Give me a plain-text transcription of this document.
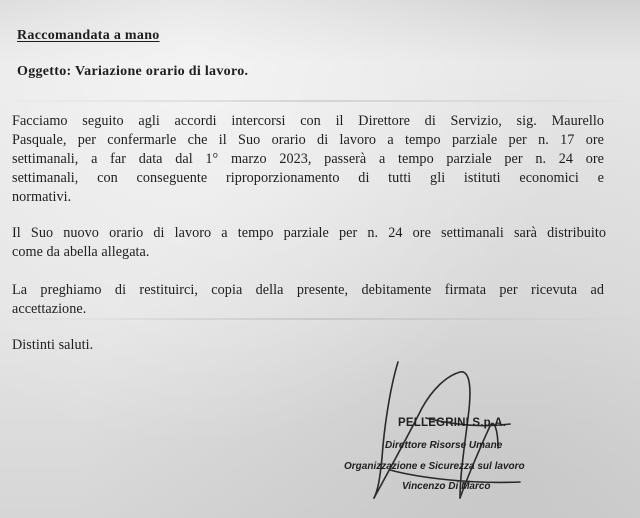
Raccomandata a mano
Oggetto: Variazione orario di lavoro.
Facciamo seguito agli accordi intercorsi con il Direttore di Servizio, sig. Maurello
Pasquale, per confermarle che il Suo orario di lavoro a tempo parziale per n. 17 ore
settimanali, a far data dal 1° marzo 2023, passerà a tempo parziale per n. 24 ore
settimanali, con conseguente riproporzionamento di tutti gli istituti economici e
normativi.
Il Suo nuovo orario di lavoro a tempo parziale per n. 24 ore settimanali sarà distribuito
come da abella allegata.
La preghiamo di restituirci, copia della presente, debitamente firmata per ricevuta ad
accettazione.
Distinti saluti.
PELLEGRINI S.p.A.
Direttore Risorse Umane
Organizzazione e Sicurezza sul lavoro
Vincenzo Di Marco
